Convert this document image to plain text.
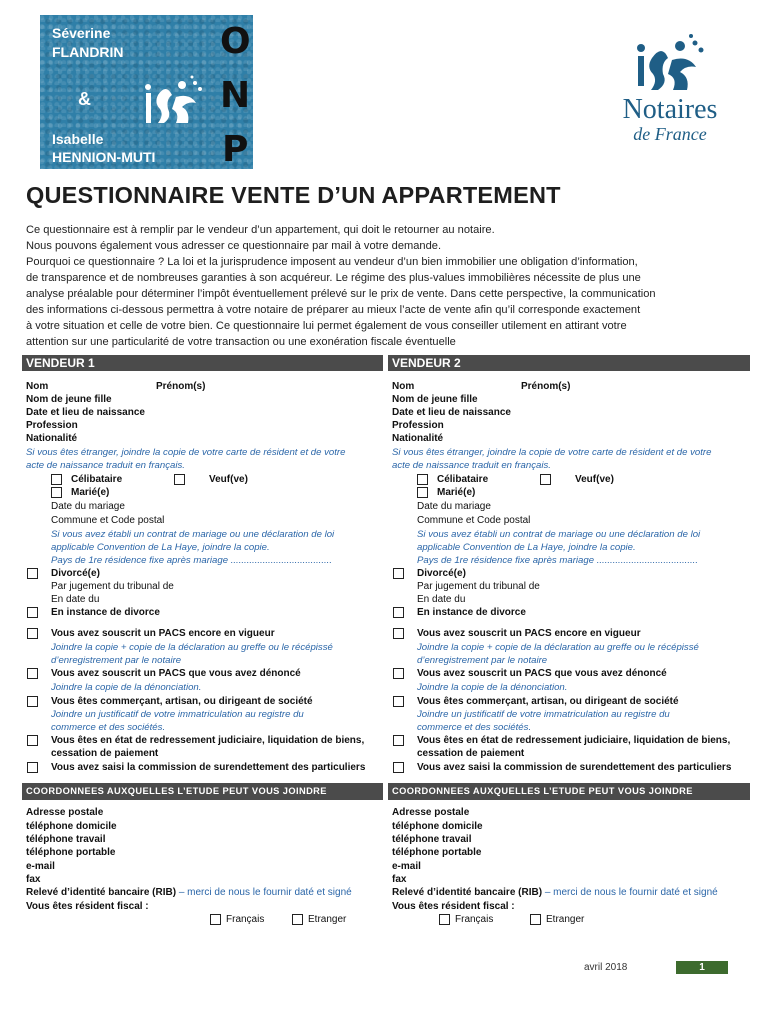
Séverine
FLANDRIN
&
Isabelle
HENNION-MUTI
O
N
P
Notaires
de France
QUESTIONNAIRE VENTE D’UN APPARTEMENT
Ce questionnaire est à remplir par le vendeur d’un appartement, qui doit le retourner au notaire.
Nous pouvons également vous adresser ce questionnaire par mail à votre demande.
Pourquoi ce questionnaire ? La loi et la jurisprudence imposent au vendeur d’un bien immobilier une obligation d’information,
de transparence et de nombreuses garanties à son acquéreur. Le régime des plus-values immobilières nécessite de plus une
analyse préalable pour déterminer l’impôt éventuellement prélevé sur le prix de vente. Dans cette perspective, la communication
des informations ci-dessous permettra à votre notaire de préparer au mieux l’acte de vente afin qu’il corresponde exactement
à votre situation et celle de votre bien. Ce questionnaire lui permet également de vous conseiller utilement en attirant votre
attention sur une particularité de votre transaction ou une exonération fiscale éventuelle
VENDEUR 1	VENDEUR 2
Nom	Prénom(s)
Nom de jeune fille
Date et lieu de naissance
Profession
Nationalité
Si vous êtes étranger, joindre la copie de votre carte de résident et de votre
acte de naissance traduit en français.
Célibataire	Veuf(ve)
Marié(e)
Date du mariage
Commune et Code postal
Si vous avez établi un contrat de mariage ou une déclaration de loi
applicable Convention de La Haye, joindre la copie.
Pays de 1re résidence fixe après mariage ......................................
Divorcé(e)
Par jugement du tribunal de
En date du
En instance de divorce
Vous avez souscrit un PACS encore en vigueur
Joindre la copie + copie de la déclaration au greffe ou le récépissé
d’enregistrement par le notaire
Vous avez souscrit un PACS que vous avez dénoncé
Joindre la copie de la dénonciation.
Vous êtes commerçant, artisan, ou dirigeant de société
Joindre un justificatif de votre immatriculation au registre du
commerce et des sociétés.
Vous êtes en état de redressement judiciaire, liquidation de biens,
cessation de paiement
Vous avez saisi la commission de surendettement des particuliers
Nom	Prénom(s)
Nom de jeune fille
Date et lieu de naissance
Profession
Nationalité
Si vous êtes étranger, joindre la copie de votre carte de résident et de votre
acte de naissance traduit en français.
Célibataire	Veuf(ve)
Marié(e)
Date du mariage
Commune et Code postal
Si vous avez établi un contrat de mariage ou une déclaration de loi
applicable Convention de La Haye, joindre la copie.
Pays de 1re résidence fixe après mariage ......................................
Divorcé(e)
Par jugement du tribunal de
En date du
En instance de divorce
Vous avez souscrit un PACS encore en vigueur
Joindre la copie + copie de la déclaration au greffe ou le récépissé
d’enregistrement par le notaire
Vous avez souscrit un PACS que vous avez dénoncé
Joindre la copie de la dénonciation.
Vous êtes commerçant, artisan, ou dirigeant de société
Joindre un justificatif de votre immatriculation au registre du
commerce et des sociétés.
Vous êtes en état de redressement judiciaire, liquidation de biens,
cessation de paiement
Vous avez saisi la commission de surendettement des particuliers
COORDONNEES AUXQUELLES L’ETUDE PEUT VOUS JOINDRE	COORDONNEES AUXQUELLES L’ETUDE PEUT VOUS JOINDRE
Adresse postale
téléphone domicile
téléphone travail
téléphone portable
e-mail
fax
Relevé d’identité bancaire (RIB) – merci de nous le fournir daté et signé
Vous êtes résident fiscal :
Français	Etranger
Adresse postale
téléphone domicile
téléphone travail
téléphone portable
e-mail
fax
Relevé d’identité bancaire (RIB) – merci de nous le fournir daté et signé
Vous êtes résident fiscal :
Français	Etranger
avril 2018	1
